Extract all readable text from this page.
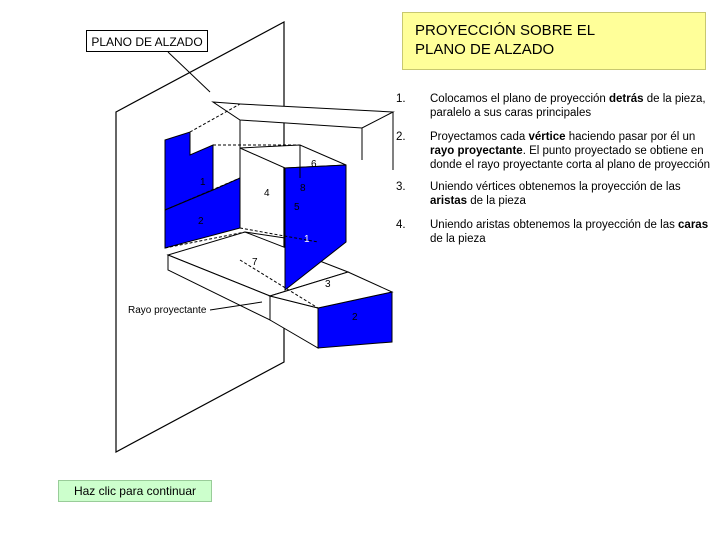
6
1
4	8
5
2
1
7
3
2
Rayo proyectante
PLANO DE ALZADO
PROYECCIÓN SOBRE EL
PLANO DE ALZADO
1. Colocamos el plano de proyección detrás de la pieza, paralelo a sus caras principales
2. Proyectamos cada vértice haciendo pasar por él un rayo proyectante. El punto proyectado se obtiene en donde el rayo proyectante corta al plano de proyección
3. Uniendo vértices obtenemos la proyección de las aristas de la pieza
4. Uniendo aristas obtenemos la proyección de las caras de la pieza
Haz clic para continuar
